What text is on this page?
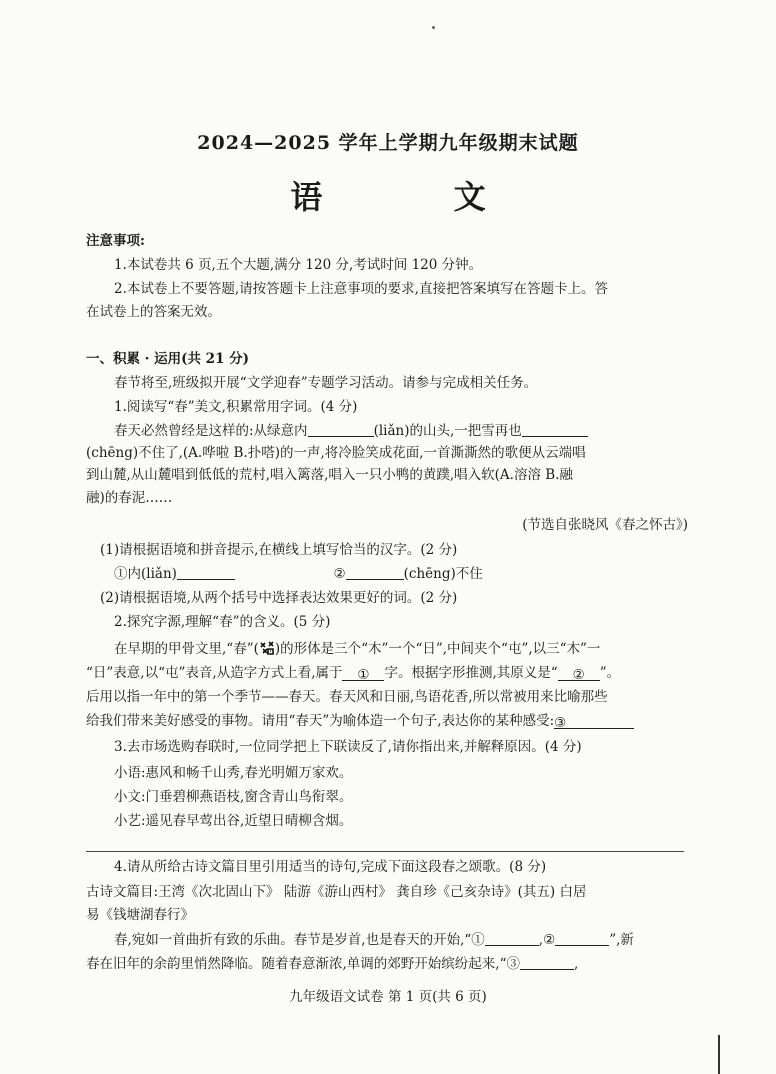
2024—2025 学年上学期九年级期末试题
语 文
注意事项:
1.本试卷共 6 页,五个大题,满分 120 分,考试时间 120 分钟。
2.本试卷上不要答题,请按答题卡上注意事项的要求,直接把答案填写在答题卡上。答
在试卷上的答案无效。
一、积累 · 运用(共 21 分)
春节将至,班级拟开展“文学迎春”专题学习活动。请参与完成相关任务。
1.阅读写“春”美文,积累常用字词。(4 分)
春天必然曾经是这样的:从绿意内	(liǎn)的山头,一把雪再也
(chēng)不住了,(A.哗啦 B.扑嗒)的一声,将冷脸笑成花面,一首澌澌然的歌便从云端唱
到山麓,从山麓唱到低低的荒村,唱入篱落,唱入一只小鸭的黄蹼,唱入软(A.溶溶 B.融
融)的春泥……
(节选自张晓风《春之怀古》)
(1)请根据语境和拼音提示,在横线上填写恰当的汉字。(2 分)
①内(liǎn)	②	(chēng)不住
(2)请根据语境,从两个括号中选择表达效果更好的词。(2 分)
2.探究字源,理解“春”的含义。(5 分)
在早期的甲骨文里,“春”( )的形体是三个“木”一个“日”,中间夹个“屯”,以三“木”一
“日”表意,以“屯”表音,从造字方式上看,属于 ① 字。根据字形推测,其原义是“ ② ”。
后用以指一年中的第一个季节——春天。春天风和日丽,鸟语花香,所以常被用来比喻那些
给我们带来美好感受的事物。请用“春天”为喻体造一个句子,表达你的某种感受:③
3.去市场选购春联时,一位同学把上下联读反了,请你指出来,并解释原因。(4 分)
小语:惠风和畅千山秀,春光明媚万家欢。
小文:门垂碧柳燕语枝,窗含青山鸟衔翠。
小艺:遥见春早莺出谷,近望日晴柳含烟。
4.请从所给古诗文篇目里引用适当的诗句,完成下面这段春之颂歌。(8 分)
古诗文篇目:王湾《次北固山下》 陆游《游山西村》 龚自珍《己亥杂诗》(其五) 白居
易《钱塘湖春行》
春,宛如一首曲折有致的乐曲。春节是岁首,也是春天的开始,“①	,②	”,新
春在旧年的余韵里悄然降临。随着春意渐浓,单调的郊野开始缤纷起来,“③	,
九年级语文试卷 第 1 页(共 6 页)
